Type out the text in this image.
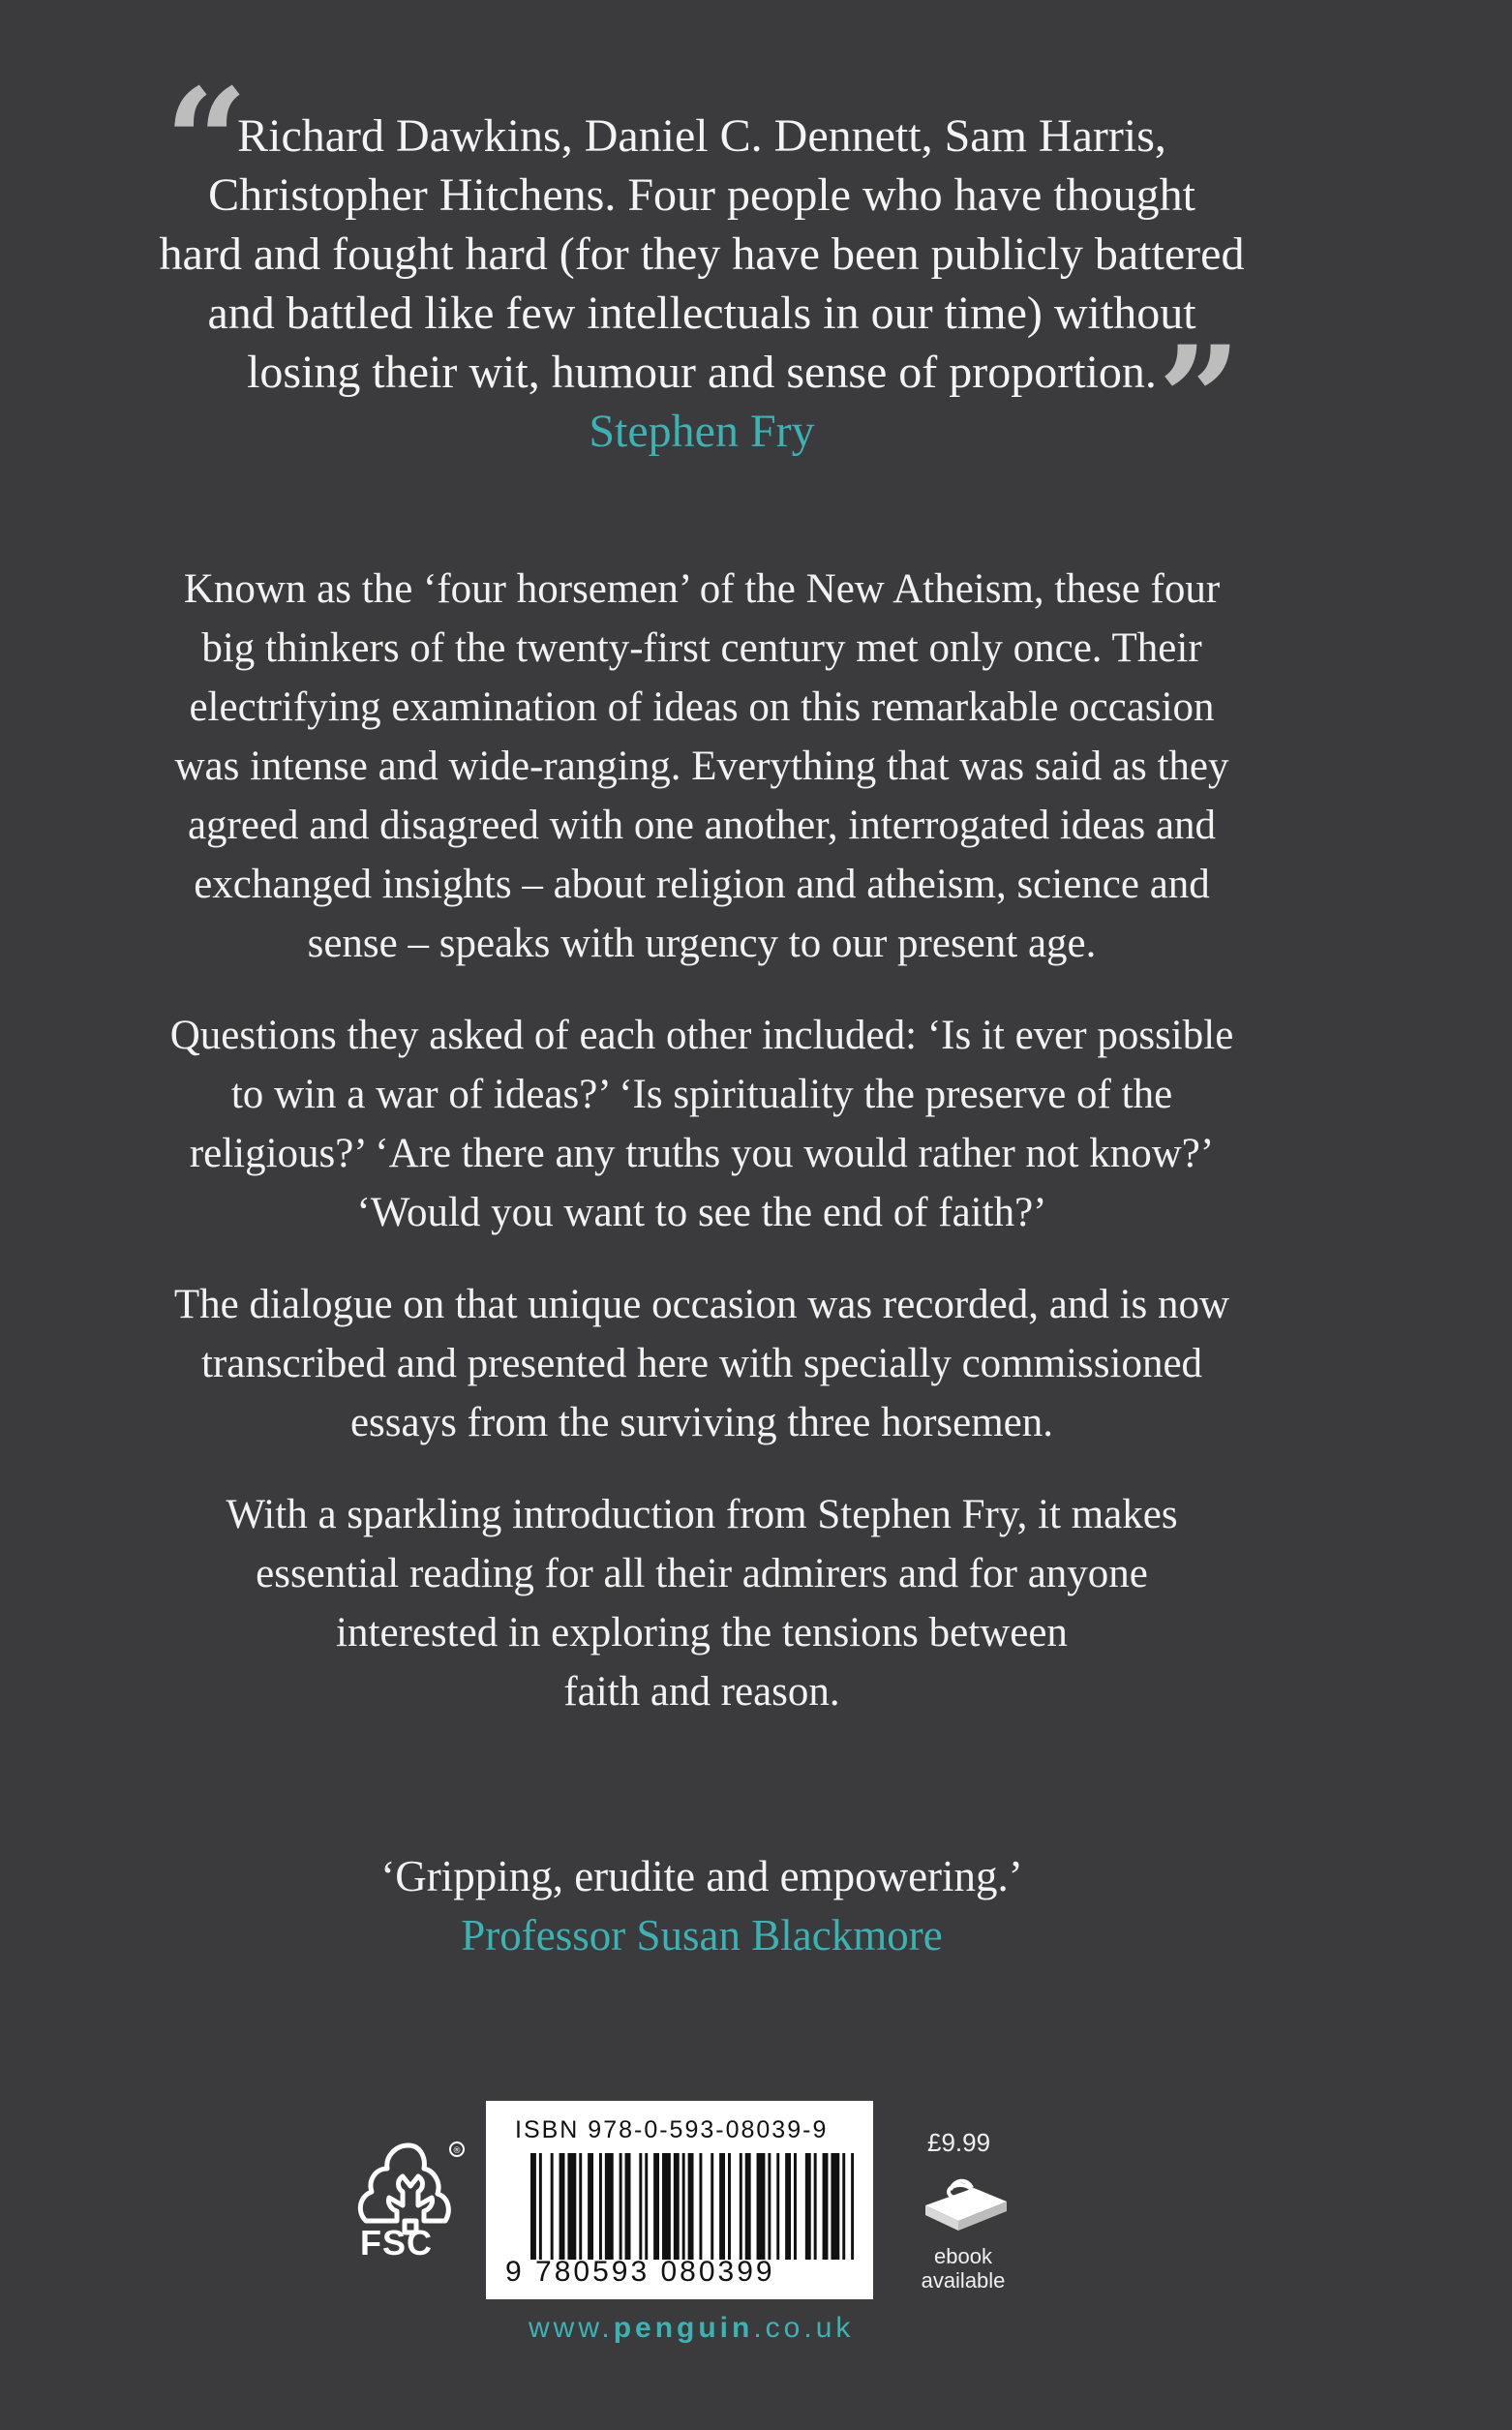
“
Richard Dawkins, Daniel C. Dennett, Sam Harris,
Christopher Hitchens. Four people who have thought
hard and fought hard (for they have been publicly battered
and battled like few intellectuals in our time) without
losing their wit, humour and sense of proportion.
Stephen Fry	”
Known as the ‘four horsemen’ of the New Atheism, these four
big thinkers of the twenty-first century met only once. Their
electrifying examination of ideas on this remarkable occasion
was intense and wide-ranging. Everything that was said as they
agreed and disagreed with one another, interrogated ideas and
exchanged insights – about religion and atheism, science and
sense – speaks with urgency to our present age.
Questions they asked of each other included: ‘Is it ever possible
to win a war of ideas?’ ‘Is spirituality the preserve of the
religious?’ ‘Are there any truths you would rather not know?’
‘Would you want to see the end of faith?’
The dialogue on that unique occasion was recorded, and is now
transcribed and presented here with specially commissioned
essays from the surviving three horsemen.
With a sparkling introduction from Stephen Fry, it makes
essential reading for all their admirers and for anyone
interested in exploring the tensions between
faith and reason.
‘Gripping, erudite and empowering.’
Professor Susan Blackmore
®
FSC
ISBN 978-0-593-08039-9
9 780593 080399
£9.99
ebook
available
www.penguin.co.uk
